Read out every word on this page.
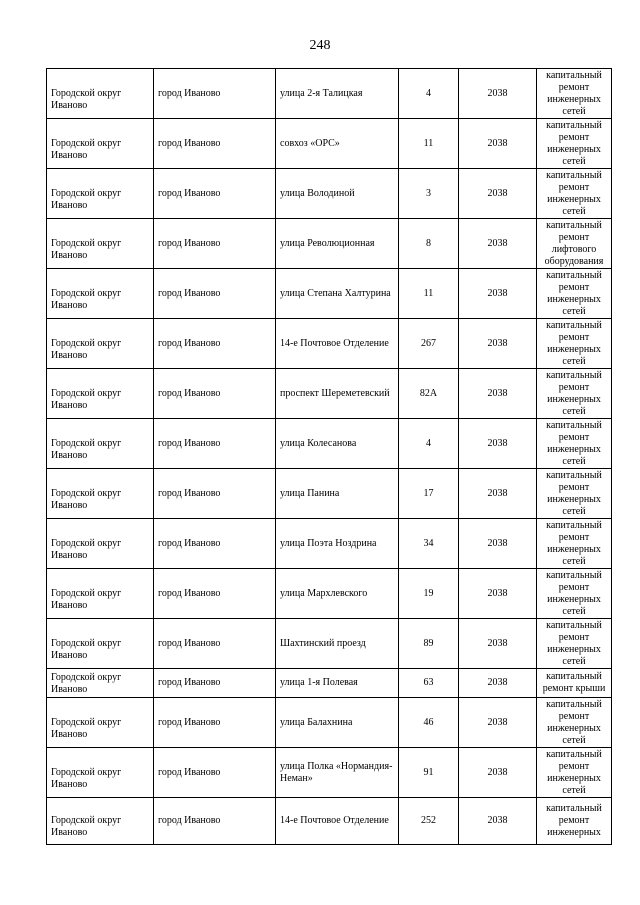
248
Городской округ Иваново	город Иваново	улица 2-я Талицкая	4	2038	капитальный ремонт инженерных сетей

Городской округ Иваново	город Иваново	совхоз «ОРС»	11	2038	капитальный ремонт инженерных сетей

Городской округ Иваново	город Иваново	улица Володиной	3	2038	капитальный ремонт инженерных сетей

Городской округ Иваново	город Иваново	улица Революционная	8	2038	капитальный ремонт лифтового оборудования

Городской округ Иваново	город Иваново	улица Степана Халтурина	11	2038	капитальный ремонт инженерных сетей

Городской округ Иваново	город Иваново	14-е Почтовое Отделение	267	2038	капитальный ремонт инженерных сетей

Городской округ Иваново	город Иваново	проспект Шереметевский	82А	2038	капитальный ремонт инженерных сетей

Городской округ Иваново	город Иваново	улица Колесанова	4	2038	капитальный ремонт инженерных сетей

Городской округ Иваново	город Иваново	улица Панина	17	2038	капитальный ремонт инженерных сетей

Городской округ Иваново	город Иваново	улица Поэта Ноздрина	34	2038	капитальный ремонт инженерных сетей

Городской округ Иваново	город Иваново	улица Мархлевского	19	2038	капитальный ремонт инженерных сетей

Городской округ Иваново	город Иваново	Шахтинский проезд	89	2038	капитальный ремонт инженерных сетей

Городской округ Иваново	город Иваново	улица 1-я Полевая	63	2038	капитальный ремонт крыши

Городской округ Иваново	город Иваново	улица Балахнина	46	2038	капитальный ремонт инженерных сетей

Городской округ Иваново	город Иваново	улица Полка «Нормандия-Неман»	91	2038	капитальный ремонт инженерных сетей

Городской округ Иваново	город Иваново	14-е Почтовое Отделение	252	2038	капитальный ремонт инженерных
